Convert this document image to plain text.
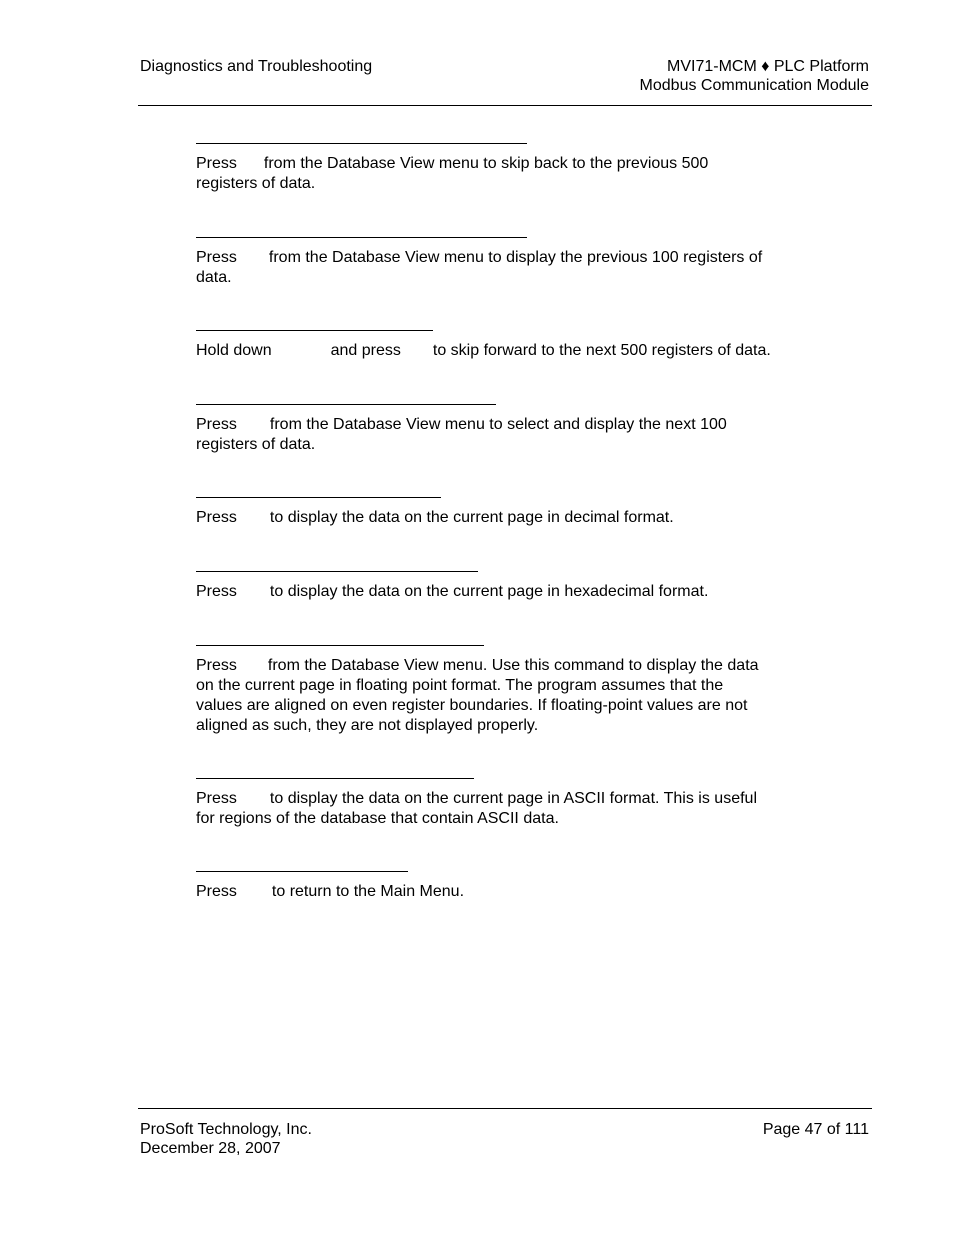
Diagnostics and Troubleshooting	MVI71-MCM ♦ PLC Platform
Modbus Communication Module
Press from the Database View menu to skip back to the previous 500
registers of data.
Press from the Database View menu to display the previous 100 registers of
data.
Hold down	and press to skip forward to the next 500 registers of data.
Press from the Database View menu to select and display the next 100
registers of data.
Press to display the data on the current page in decimal format.
Press to display the data on the current page in hexadecimal format.
Press from the Database View menu. Use this command to display the data
on the current page in floating point format. The program assumes that the
values are aligned on even register boundaries. If floating-point values are not
aligned as such, they are not displayed properly.
Press to display the data on the current page in ASCII format. This is useful
for regions of the database that contain ASCII data.
Press to return to the Main Menu.
ProSoft Technology, Inc.
December 28, 2007
Page 47 of 111
